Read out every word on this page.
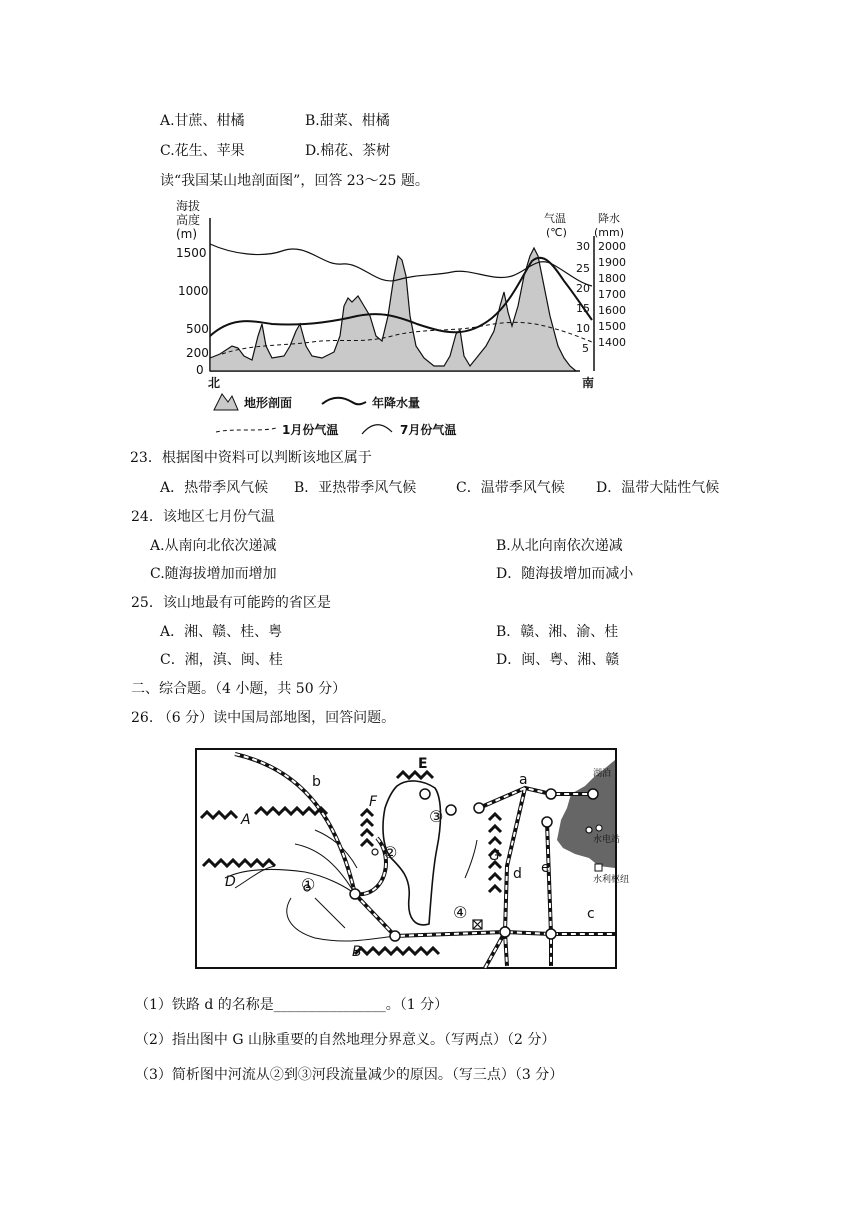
A.甘蔗、柑橘	B.甜菜、柑橘
C.花生、苹果	D.棉花、茶树
读“我国某山地剖面图”，回答 23～25 题。
海拔
高度
(m)
1500
1000
500
200
0
气温
(℃)
30
25
20
15
10
5
降水
(mm)
2000
1900
1800
1700
1600
1500
1400
北	南
地形剖面	年降水量
1月份气温	7月份气温
23．根据图中资料可以判断该地区属于
A．热带季风气候 B．亚热带季风气候	C．温带季风气候 D．温带大陆性气候
24．该地区七月份气温
A.从南向北依次递减	B.从北向南依次递减
C.随海拔增加而增加	D．随海拔增加而减小
25．该山地最有可能跨的省区是
A．湘、赣、桂、粤	B．赣、湘、渝、桂
C．湘，滇、闽、桂	D．闽、粤、湘、赣
二、综合题。（4 小题，共 50 分）
26. （6 分）读中国局部地图，回答问题。
b	a
c
d e
A
B
D
E
F
G
①
②
③
④
湖泊
水电站
水利枢纽
（1）铁路 d 的名称是________________。（1 分）
（2）指出图中 G 山脉重要的自然地理分界意义。（写两点）（2 分）
（3）简析图中河流从②到③河段流量减少的原因。（写三点）（3 分）
